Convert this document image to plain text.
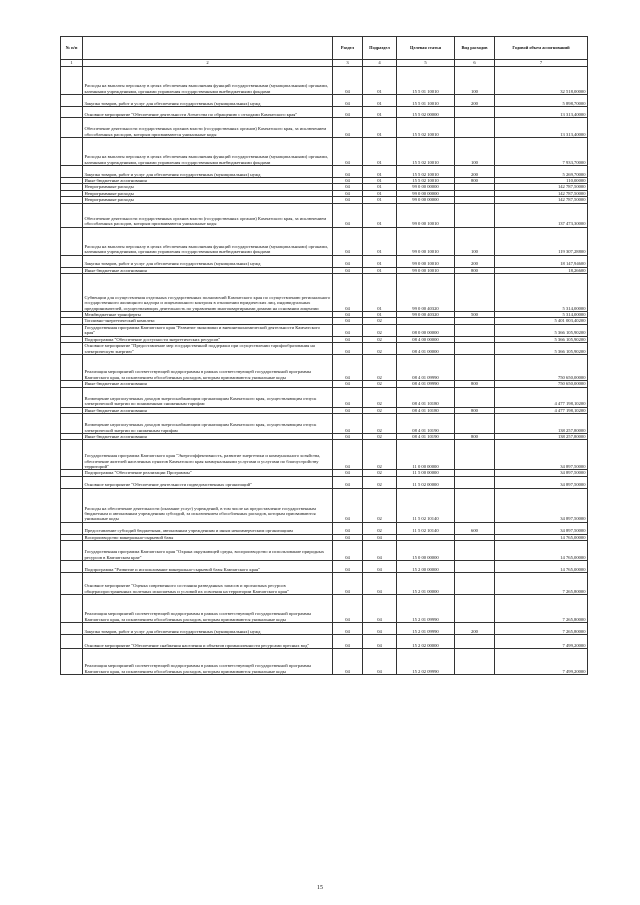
№ п/п		Раздел	Подраздел	Целевая статья	Вид расходов	Годовой объем ассигнований
1	2	3	4	5	6	7
	Расходы на выплаты персоналу в целях обеспечения выполнения функций государственными (муниципальными) органами, казенными учреждениями, органами управления государственными внебюджетными фондами	04	01	15 5 01 10010	100	32 518,00000
	Закупка товаров, работ и услуг для обеспечения государственных (муниципальных) нужд	04	01	15 5 01 10010	200	5 898,70000
	Основное мероприятие "Обеспечение деятельности Агентства по обращению с отходами Камчатского края"	04	01	15 5 02 00000		13 313,40000
	Обеспечение деятельности государственных органов власти (государственных органов) Камчатского края, за исключением обособленных расходов, которым присваиваются уникальные коды	04	01	15 5 02 10010		13 313,40000
	Расходы на выплаты персоналу в целях обеспечения выполнения функций государственными (муниципальными) органами, казенными учреждениями, органами управления государственными внебюджетными фондами	04	01	15 5 02 10010	100	7 933,70000
	Закупка товаров, работ и услуг для обеспечения государственных (муниципальных) нужд	04	01	15 5 02 10010	200	5 269,70000
	Иные бюджетные ассигнования	04	01	15 5 02 10010	800	110,00000
	Непрограммные расходы	04	01	99 0 00 00000		142 787,50000
	Непрограммные расходы	04	01	99 0 00 00000		142 787,50000
	Непрограммные расходы	04	01	99 0 00 00000		142 787,50000
	Обеспечение деятельности государственных органов власти (государственных органов) Камчатского края, за исключением обособленных расходов, которым присваиваются уникальные коды	04	01	99 0 00 10010		137 473,30000
	Расходы на выплаты персоналу в целях обеспечения выполнения функций государственными (муниципальными) органами, казенными учреждениями, органами управления государственными внебюджетными фондами	04	01	99 0 00 10010	100	119 307,28800
	Закупка товаров, работ и услуг для обеспечения государственных (муниципальных) нужд	04	01	99 0 00 10010	200	18 147,94600
	Иные бюджетные ассигнования	04	01	99 0 00 10010	800	18,26600
	Субвенции для осуществления отдельных государственных полномочий Камчатского края по осуществлению регионального государственного жилищного надзора и лицензионного контроля в отношении юридических лиц, индивидуальных предпринимателей, осуществляющих деятельность по управлению многоквартирными домами на основании лицензии	04	01	99 0 00 40320		5 314,00000
	Межбюджетные трансферты	04	01	99 0 00 40320	500	5 314,00000
	Топливно-энергетический комплекс	04	02			5 401 003,40200
	Государственная программа Камчатского края "Развитие экономики и внешнеэкономической деятельности Камчатского края"	04	02	08 0 00 00000		5 366 105,90200
	Подпрограмма "Обеспечение доступности энергетических ресурсов"	04	02	08 4 00 00000		5 366 105,90200
	Основное мероприятие "Предоставление мер государственной поддержки при осуществлении тарифообразования на электрическую энергию"	04	02	08 4 01 00000		5 366 105,90200
	Реализация мероприятий соответствующей подпрограммы в рамках соответствующей государственной программы Камчатского края, за исключением обособленных расходов, которым присваиваются уникальные коды	04	02	08 4 01 09990		750 650,00000
	Иные бюджетные ассигнования	04	02	08 4 01 09990	800	750 650,00000
	Возмещение недополученных доходов энергоснабжающим организациям Камчатского края, осуществляющим отпуск электрической энергии по пониженным сниженным тарифам	04	02	08 4 01 10180		4 477 198,10200
	Иные бюджетные ассигнования	04	02	08 4 01 10180	800	4 477 198,10200
	Возмещение недополученных доходов энергоснабжающим организациям Камчатского края, осуществляющим отпуск электрической энергии по сниженным тарифам	04	02	08 4 01 10190		138 257,80000
	Иные бюджетные ассигнования	04	02	08 4 01 10190	800	138 257,80000
	Государственная программа Камчатского края "Энергоэффективность, развитие энергетики и коммунального хозяйства, обеспечение жителей населенных пунктов Камчатского края коммунальными услугами и услугами по благоустройству территорий"	04	02	11 0 00 00000		34 897,50000
	Подпрограмма "Обеспечение реализации Программы"	04	02	11 5 00 00000		34 897,50000
	Основное мероприятие "Обеспечение деятельности подведомственных организаций"	04	02	11 5 02 00000		34 897,50000
	Расходы на обеспечение деятельности (оказание услуг) учреждений, в том числе на предоставление государственным бюджетным и автономным учреждениям субсидий, за исключением обособленных расходов, которым присваиваются уникальные коды	04	02	11 5 02 10140		34 897,50000
	Предоставление субсидий бюджетным, автономным учреждениям и иным некоммерческим организациям	04	02	11 5 02 10140	600	34 897,50000
	Воспроизводство минерально-сырьевой базы	04	04			14 765,00000
	Государственная программа Камчатского края "Охрана окружающей среды, воспроизводство и использование природных ресурсов в Камчатском крае"	04	04	15 0 00 00000		14 765,00000
	Подпрограмма "Развитие и использование минерально-сырьевой базы Камчатского края"	04	04	15 2 00 00000		14 765,00000
	Основное мероприятие "Оценка современного состояния разведанных запасов и прогнозных ресурсов общераспространенных полезных ископаемых и условий их освоения на территории Камчатского края"	04	04	15 2 01 00000		7 265,80000
	Реализация мероприятий соответствующей подпрограммы в рамках соответствующей государственной программы Камчатского края, за исключением обособленных расходов, которым присваиваются уникальные коды	04	04	15 2 01 09990		7 265,80000
	Закупка товаров, работ и услуг для обеспечения государственных (муниципальных) нужд	04	04	15 2 01 09990	200	7 265,80000
	Основное мероприятие "Обеспечение снабжения населения и объектов промышленности ресурсами пресных вод"	04	04	15 2 02 00000		7 499,20000
	Реализация мероприятий соответствующей подпрограммы в рамках соответствующей государственной программы Камчатского края, за исключением обособленных расходов, которым присваиваются уникальные коды	04	04	15 2 02 09990		7 499,20000
15
